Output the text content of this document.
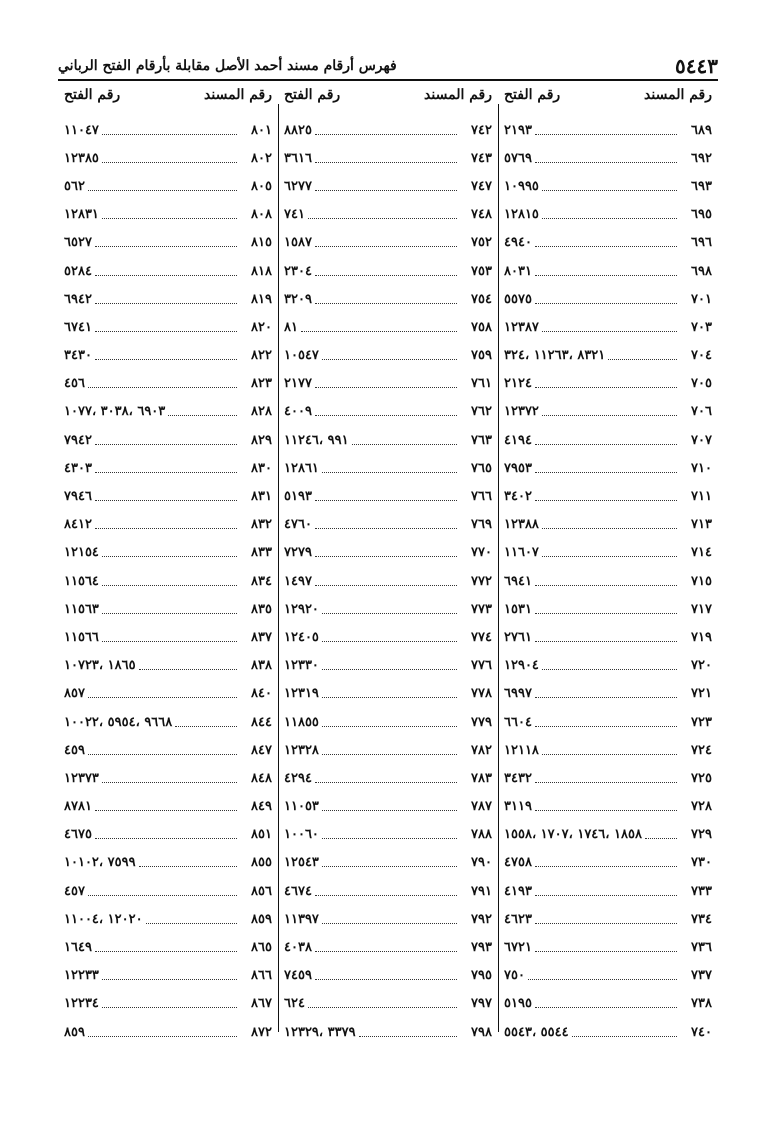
٥٤٤٣
فهرس أرقام مسند أحمد الأصل مقابلة بأرقام الفتح الرباني
رقم المسند
رقم الفتح
٦٨٩
٢١٩٣
٦٩٢
٥٧٦٩
٦٩٣
١٠٩٩٥
٦٩٥
١٢٨١٥
٦٩٦
٤٩٤٠
٦٩٨
٨٠٣١
٧٠١
٥٥٧٥
٧٠٣
١٢٣٨٧
٧٠٤
٨٣٢١ ،١١٢٦٣ ،٣٢٤
٧٠٥
٢١٢٤
٧٠٦
١٢٣٧٢
٧٠٧
٤١٩٤
٧١٠
٧٩٥٣
٧١١
٣٤٠٢
٧١٣
١٢٣٨٨
٧١٤
١١٦٠٧
٧١٥
٦٩٤١
٧١٧
١٥٣١
٧١٩
٢٧٦١
٧٢٠
١٢٩٠٤
٧٢١
٦٩٩٧
٧٢٣
٦٦٠٤
٧٢٤
١٢١١٨
٧٢٥
٣٤٣٢
٧٢٨
٣١١٩
٧٢٩
١٨٥٨ ،١٧٤٦ ،١٧٠٧ ،١٥٥٨
٧٣٠
٤٧٥٨
٧٣٣
٤١٩٣
٧٣٤
٤٦٢٣
٧٣٦
٦٧٢١
٧٣٧
٧٥٠
٧٣٨
٥١٩٥
٧٤٠
٥٥٤٤ ،٥٥٤٣
رقم المسند
رقم الفتح
٧٤٢
٨٨٢٥
٧٤٣
٣٦١٦
٧٤٧
٦٢٧٧
٧٤٨
٧٤١
٧٥٢
١٥٨٧
٧٥٣
٢٣٠٤
٧٥٤
٣٢٠٩
٧٥٨
٨١
٧٥٩
١٠٥٤٧
٧٦١
٢١٧٧
٧٦٢
٤٠٠٩
٧٦٣
٩٩١ ،١١٢٤٦
٧٦٥
١٢٨٦١
٧٦٦
٥١٩٣
٧٦٩
٤٧٦٠
٧٧٠
٧٢٧٩
٧٧٢
١٤٩٧
٧٧٣
١٢٩٢٠
٧٧٤
١٢٤٠٥
٧٧٦
١٢٣٣٠
٧٧٨
١٢٣١٩
٧٧٩
١١٨٥٥
٧٨٢
١٢٣٢٨
٧٨٣
٤٢٩٤
٧٨٧
١١٠٥٣
٧٨٨
١٠٠٦٠
٧٩٠
١٢٥٤٣
٧٩١
٤٦٧٤
٧٩٢
١١٣٩٧
٧٩٣
٤٠٣٨
٧٩٥
٧٤٥٩
٧٩٧
٦٢٤
٧٩٨
٣٣٧٩ ،١٢٣٢٩
رقم المسند
رقم الفتح
٨٠١
١١٠٤٧
٨٠٢
١٢٣٨٥
٨٠٥
٥٦٢
٨٠٨
١٢٨٣١
٨١٥
٦٥٢٧
٨١٨
٥٢٨٤
٨١٩
٦٩٤٢
٨٢٠
٦٧٤١
٨٢٢
٣٤٣٠
٨٢٣
٤٥٦
٨٢٨
٦٩٠٣ ،٣٠٣٨ ،١٠٧٧
٨٢٩
٧٩٤٢
٨٣٠
٤٣٠٣
٨٣١
٧٩٤٦
٨٣٢
٨٤١٢
٨٣٣
١٢١٥٤
٨٣٤
١١٥٦٤
٨٣٥
١١٥٦٣
٨٣٧
١١٥٦٦
٨٣٨
١٨٦٥ ،١٠٧٢٣
٨٤٠
٨٥٧
٨٤٤
٩٦٦٨ ،٥٩٥٤ ،١٠٠٢٢
٨٤٧
٤٥٩
٨٤٨
١٢٣٧٣
٨٤٩
٨٧٨١
٨٥١
٤٦٧٥
٨٥٥
٧٥٩٩ ،١٠١٠٢
٨٥٦
٤٥٧
٨٥٩
١٢٠٢٠ ،١١٠٠٤
٨٦٥
١٦٤٩
٨٦٦
١٢٢٣٣
٨٦٧
١٢٢٣٤
٨٧٢
٨٥٩
